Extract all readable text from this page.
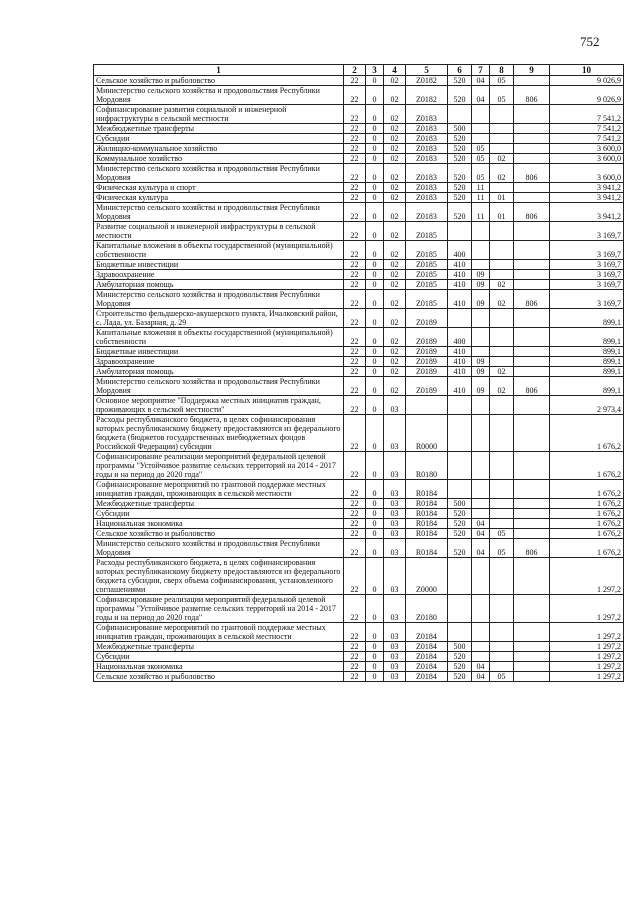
752
1	2	3	4	5	6	7	8	9	10
Сельское хозяйство и рыболовство	22	0	02	Z0182	520	04	05		9 026,9
Министерство сельского хозяйства и продовольствия Республики Мордовия	22	0	02	Z0182	520	04	05	806	9 026,9
Софинансирование развития социальной и инженерной инфраструктуры в сельской местности	22	0	02	Z0183					7 541,2
Межбюджетные трансферты	22	0	02	Z0183	500				7 541,2
Субсидии	22	0	02	Z0183	520				7 541,2
Жилищно-коммунальное хозяйство	22	0	02	Z0183	520	05			3 600,0
Коммунальное хозяйство	22	0	02	Z0183	520	05	02		3 600,0
Министерство сельского хозяйства и продовольствия Республики Мордовия	22	0	02	Z0183	520	05	02	806	3 600,0
Физическая культура и спорт	22	0	02	Z0183	520	11			3 941,2
Физическая культура	22	0	02	Z0183	520	11	01		3 941,2
Министерство сельского хозяйства и продовольствия Республики Мордовия	22	0	02	Z0183	520	11	01	806	3 941,2
Развитие социальной и инженерной инфраструктуры в сельской местности	22	0	02	Z0185					3 169,7
Капитальные вложения в объекты государственной (муниципальной) собственности	22	0	02	Z0185	400				3 169,7
Бюджетные инвестиции	22	0	02	Z0185	410				3 169,7
Здравоохранение	22	0	02	Z0185	410	09			3 169,7
Амбулаторная помощь	22	0	02	Z0185	410	09	02		3 169,7
Министерство сельского хозяйства и продовольствия Республики Мордовия	22	0	02	Z0185	410	09	02	806	3 169,7
Строительство фельдшерско-акушерского пункта, Ичалковский район, с. Лада, ул. Базарная, д. 29	22	0	02	Z0189					899,1
Капитальные вложения в объекты государственной (муниципальной) собственности	22	0	02	Z0189	400				899,1
Бюджетные инвестиции	22	0	02	Z0189	410				899,1
Здравоохранение	22	0	02	Z0189	410	09			899,1
Амбулаторная помощь	22	0	02	Z0189	410	09	02		899,1
Министерство сельского хозяйства и продовольствия Республики Мордовия	22	0	02	Z0189	410	09	02	806	899,1
Основное мероприятие "Поддержка местных инициатив граждан, проживающих в сельской местности"	22	0	03						2 973,4
Расходы республиканского бюджета, в целях софинансирования которых республиканскому бюджету предоставляются из федерального бюджета (бюджетов государственных внебюджетных фондов Российской Федерации) субсидии	22	0	03	R0000					1 676,2
Софинансирование реализации мероприятий федеральной целевой программы "Устойчивое развитие сельских территорий на 2014 - 2017 годы и на период до 2020 года"	22	0	03	R0180					1 676,2
Софинансирование мероприятий по грантовой поддержке местных инициатив граждан, проживающих в сельской местности	22	0	03	R0184					1 676,2
Межбюджетные трансферты	22	0	03	R0184	500				1 676,2
Субсидии	22	0	03	R0184	520				1 676,2
Национальная экономика	22	0	03	R0184	520	04			1 676,2
Сельское хозяйство и рыболовство	22	0	03	R0184	520	04	05		1 676,2
Министерство сельского хозяйства и продовольствия Республики Мордовия	22	0	03	R0184	520	04	05	806	1 676,2
Расходы республиканского бюджета, в целях софинансирования которых республиканскому бюджету предоставляются из федерального бюджета субсидии, сверх объема софинансирования, установленного соглашениями	22	0	03	Z0000					1 297,2
Софинансирование реализации мероприятий федеральной целевой программы "Устойчивое развитие сельских территорий на 2014 - 2017 годы и на период до 2020 года"	22	0	03	Z0180					1 297,2
Софинансирование мероприятий по грантовой поддержке местных инициатив граждан, проживающих в сельской местности	22	0	03	Z0184					1 297,2
Межбюджетные трансферты	22	0	03	Z0184	500				1 297,2
Субсидии	22	0	03	Z0184	520				1 297,2
Национальная экономика	22	0	03	Z0184	520	04			1 297,2
Сельское хозяйство и рыболовство	22	0	03	Z0184	520	04	05		1 297,2
